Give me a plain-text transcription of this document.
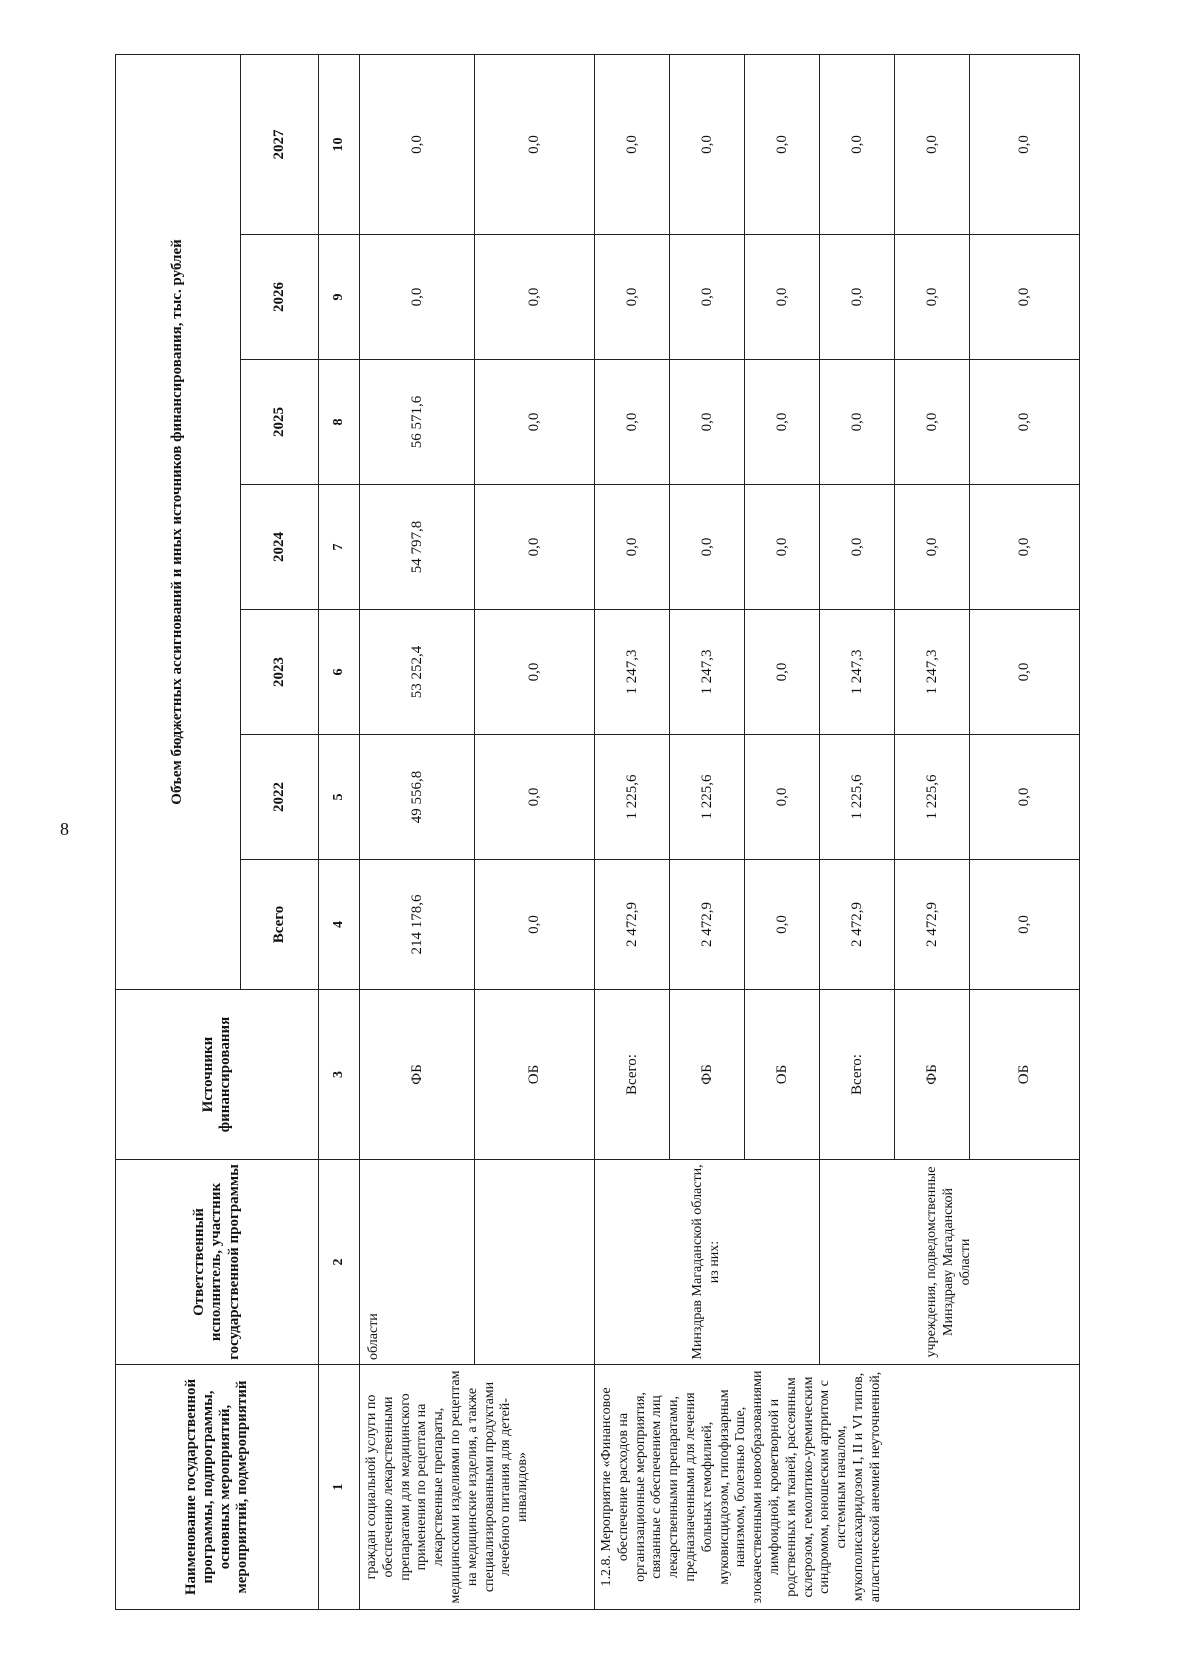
8
Наименование государственной программы, подпрограммы, основных мероприятий, мероприятий, подмероприятий	Ответственный исполнитель, участник государственной программы	Источники финансирования	Объем бюджетных ассигнований и иных источников финансирования, тыс. рублей						
			Всего	2022	2023	2024	2025	2026	2027
1	2	3	4	5	6	7	8	9	10
граждан социальной услуги по обеспечению лекарственными препаратами для медицинского применения по рецептам на лекарственные препараты, медицинскими изделиями по рецептам на медицинские изделия, а также специализированными продуктами лечебного питания для детей-инвалидов»	области	ФБ	214 178,6	49 556,8	53 252,4	54 797,8	56 571,6	0,0	0,0
		ОБ	0,0	0,0	0,0	0,0	0,0	0,0	0,0
1.2.8. Мероприятие «Финансовое обеспечение расходов на организационные мероприятия, связанные с обеспечением лиц лекарственными препаратами, предназначенными для лечения больных гемофилией, муковисцидозом, гипофизарным нанизмом, болезнью Гоше, злокачественными новообразованиями лимфоидной, кроветворной и родственных им тканей, рассеянным склерозом, гемолитико-уремическим синдромом, юношеским артритом с системным началом, мукополисахаридозом I, II и VI типов, апластической анемией неуточненной,	Минздрав Магаданской области, из них:	Всего:	2 472,9	1 225,6	1 247,3	0,0	0,0	0,0	0,0
		ФБ	2 472,9	1 225,6	1 247,3	0,0	0,0	0,0	0,0
		ОБ	0,0	0,0	0,0	0,0	0,0	0,0	0,0
	учреждения, подведомственные Минздраву Магаданской области	Всего:	2 472,9	1 225,6	1 247,3	0,0	0,0	0,0	0,0
		ФБ	2 472,9	1 225,6	1 247,3	0,0	0,0	0,0	0,0
		ОБ	0,0	0,0	0,0	0,0	0,0	0,0	0,0
